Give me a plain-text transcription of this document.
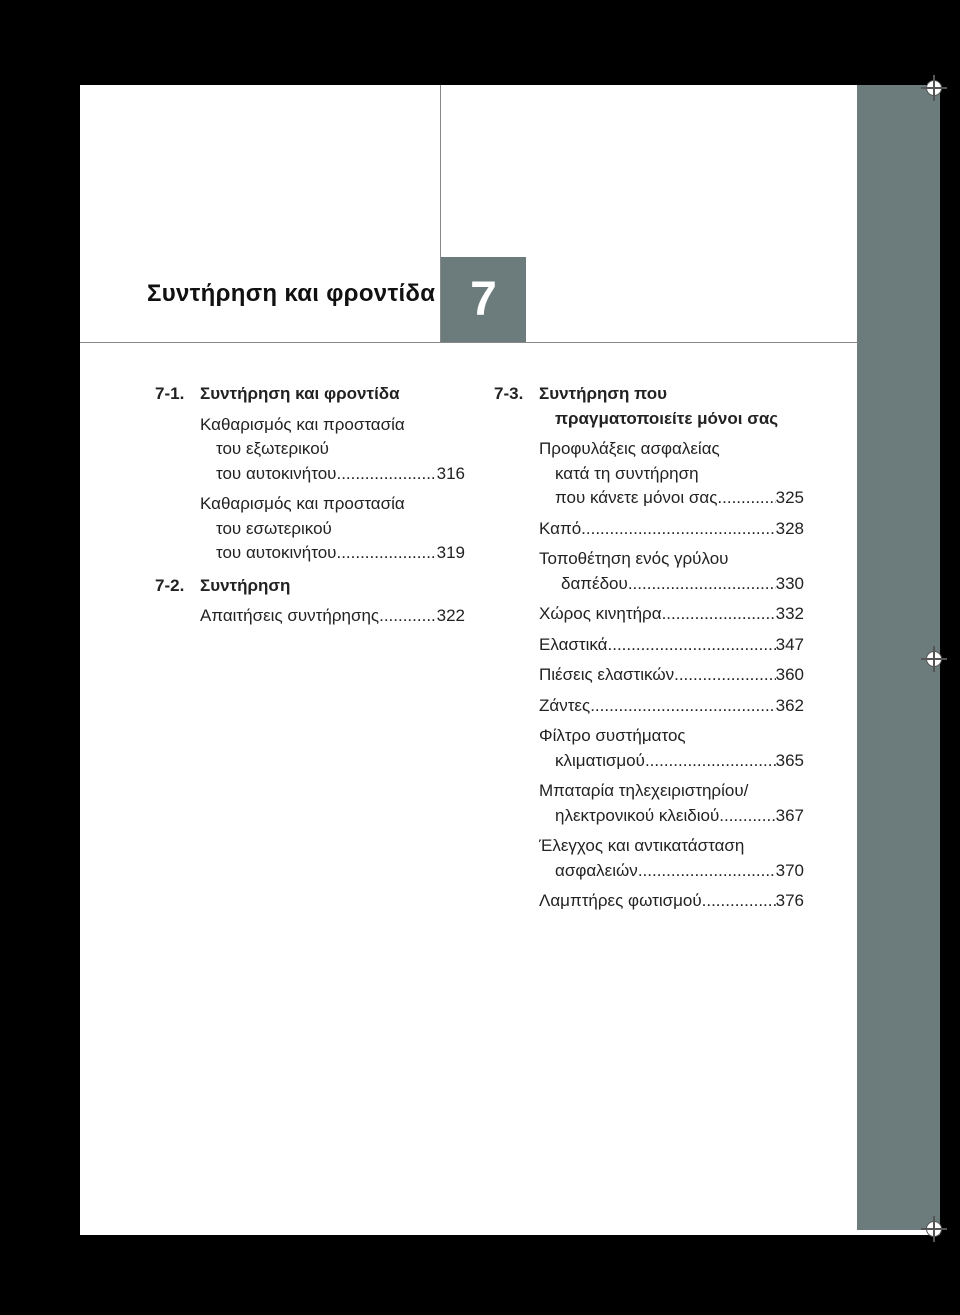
Συντήρηση και φροντίδα 7
7-1. Συντήρηση και φροντίδα
Καθαρισμός και προστασία
του εξωτερικού
του αυτοκινήτου .....	316
Καθαρισμός και προστασία
του εσωτερικού
του αυτοκινήτου .....	319
7-2. Συντήρηση
Απαιτήσεις συντήρησης .....	322
7-3. Συντήρηση που
πραγματοποιείτε μόνοι σας
Προφυλάξεις ασφαλείας
κατά τη συντήρηση
που κάνετε μόνοι σας .....	325
Καπό .....	328
Τοποθέτηση ενός γρύλου
δαπέδου .....	330
Χώρος κινητήρα .....	332
Ελαστικά .....	347
Πιέσεις ελαστικών .....	360
Ζάντες .....	362
Φίλτρο συστήματος
κλιματισμού .....	365
Μπαταρία τηλεχειριστηρίου/
ηλεκτρονικού κλειδιού .....	367
Έλεγχος και αντικατάσταση
ασφαλειών .....	370
Λαμπτήρες φωτισμού .....	376
